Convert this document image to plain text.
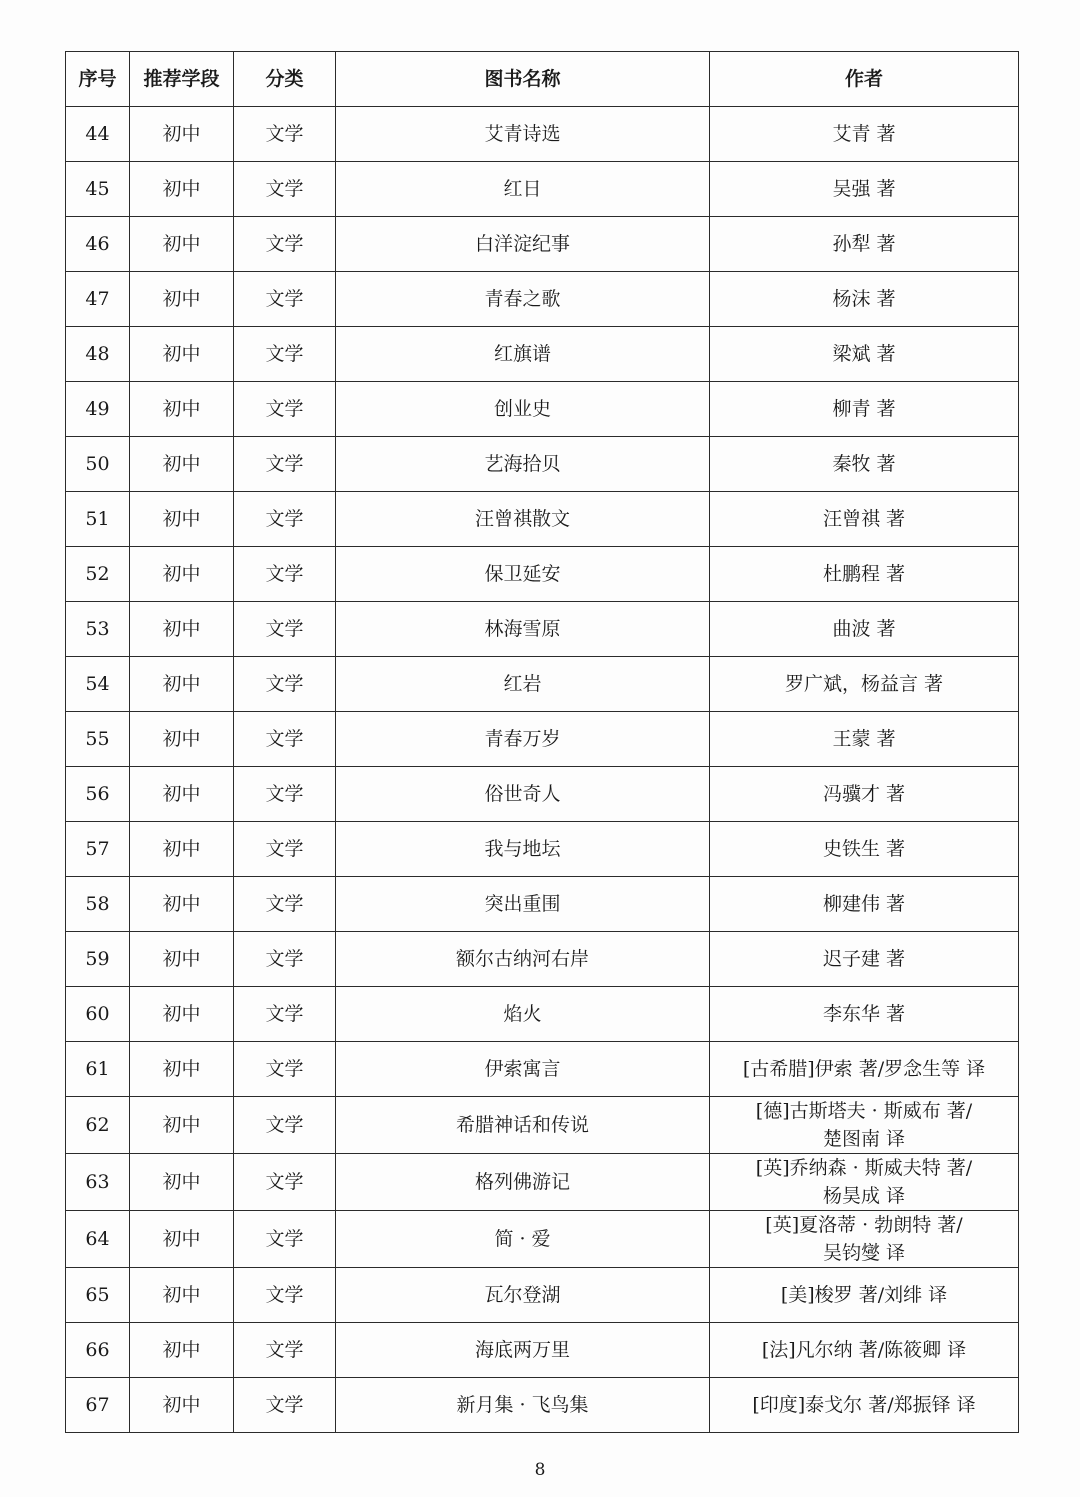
序号	推荐学段	分类	图书名称	作者
44	初中	文学	艾青诗选	艾青 著
45	初中	文学	红日	吴强 著
46	初中	文学	白洋淀纪事	孙犁 著
47	初中	文学	青春之歌	杨沫 著
48	初中	文学	红旗谱	梁斌 著
49	初中	文学	创业史	柳青 著
50	初中	文学	艺海拾贝	秦牧 著
51	初中	文学	汪曾祺散文	汪曾祺 著
52	初中	文学	保卫延安	杜鹏程 著
53	初中	文学	林海雪原	曲波 著
54	初中	文学	红岩	罗广斌，杨益言 著
55	初中	文学	青春万岁	王蒙 著
56	初中	文学	俗世奇人	冯骥才 著
57	初中	文学	我与地坛	史铁生 著
58	初中	文学	突出重围	柳建伟 著
59	初中	文学	额尔古纳河右岸	迟子建 著
60	初中	文学	焰火	李东华 著
61	初中	文学	伊索寓言	[古希腊]伊索 著/罗念生等 译
62	初中	文学	希腊神话和传说	[德]古斯塔夫 · 斯威布 著/
楚图南 译
63	初中	文学	格列佛游记	[英]乔纳森 · 斯威夫特 著/
杨昊成 译
64	初中	文学	简 · 爱	[英]夏洛蒂 · 勃朗特 著/
吴钧燮 译
65	初中	文学	瓦尔登湖	[美]梭罗 著/刘绯 译
66	初中	文学	海底两万里	[法]凡尔纳 著/陈筱卿 译
67	初中	文学	新月集 · 飞鸟集	[印度]泰戈尔 著/郑振铎 译
8
